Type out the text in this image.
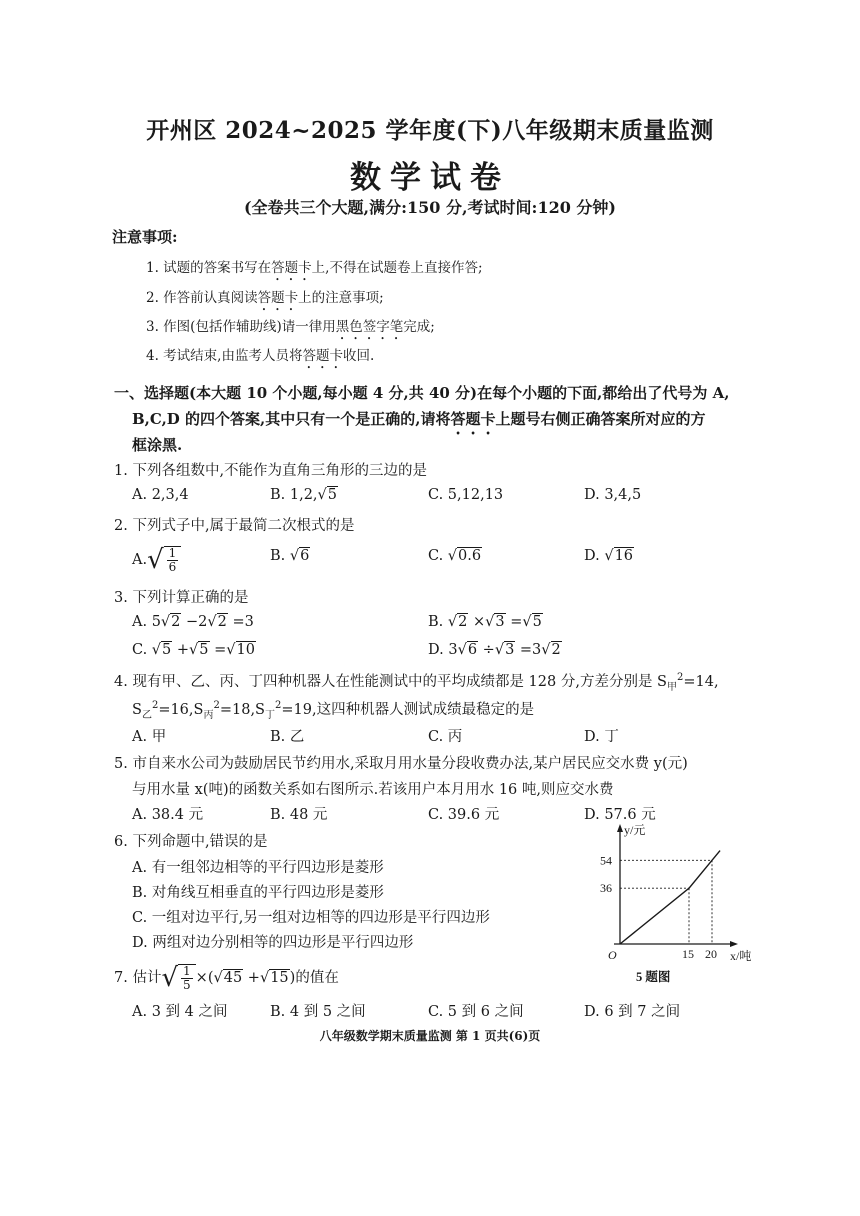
开州区 2024~2025 学年度(下)八年级期末质量监测
数学试卷
(全卷共三个大题,满分:150 分,考试时间:120 分钟)
注意事项:
1. 试题的答案书写在答题卡上,不得在试题卷上直接作答;
2. 作答前认真阅读答题卡上的注意事项;
3. 作图(包括作辅助线)请一律用黑色签字笔完成;
4. 考试结束,由监考人员将答题卡收回.
一、选择题(本大题 10 个小题,每小题 4 分,共 40 分)在每个小题的下面,都给出了代号为 A,
B,C,D 的四个答案,其中只有一个是正确的,请将答题卡上题号右侧正确答案所对应的方
框涂黑.
1. 下列各组数中,不能作为直角三角形的三边的是
A. 2,3,4	B. 1,2,√5	C. 5,12,13	D. 3,4,5
2. 下列式子中,属于最简二次根式的是
A. √ $\frac{1}{6}$	B. √6	C. √0.6	D. √16
3. 下列计算正确的是
A. 5√2 −2√2 =3	B. √2 ×√3 =√5
C. √5 +√5 =√10	D. 3√6 ÷√3 =3√2
4. 现有甲、乙、丙、丁四种机器人在性能测试中的平均成绩都是 128 分,方差分别是 $S_甲^2=14$,
$S_乙^2=16,S_丙^2=18,S_丁^2=19$,这四种机器人测试成绩最稳定的是
A. 甲	B. 乙	C. 丙	D. 丁
5. 市自来水公司为鼓励居民节约用水,采取月用水量分段收费办法,某户居民应交水费 y(元)
与用水量 x(吨)的函数关系如右图所示.若该用户本月用水 16 吨,则应交水费
A. 38.4 元	B. 48 元	C. 39.6 元	D. 57.6 元
6. 下列命题中,错误的是
A. 有一组邻边相等的平行四边形是菱形
B. 对角线互相垂直的平行四边形是菱形
C. 一组对边平行,另一组对边相等的四边形是平行四边形
D. 两组对边分别相等的四边形是平行四边形
7. 估计 √ $\frac{1}{5} \times(√45 +√15)$的值在
A. 3 到 4 之间	B. 4 到 5 之间	C. 5 到 6 之间	D. 6 到 7 之间
y/元
x/吨
O	15 20
54
36
5 题图
八年级数学期末质量监测 第 1 页共(6)页
